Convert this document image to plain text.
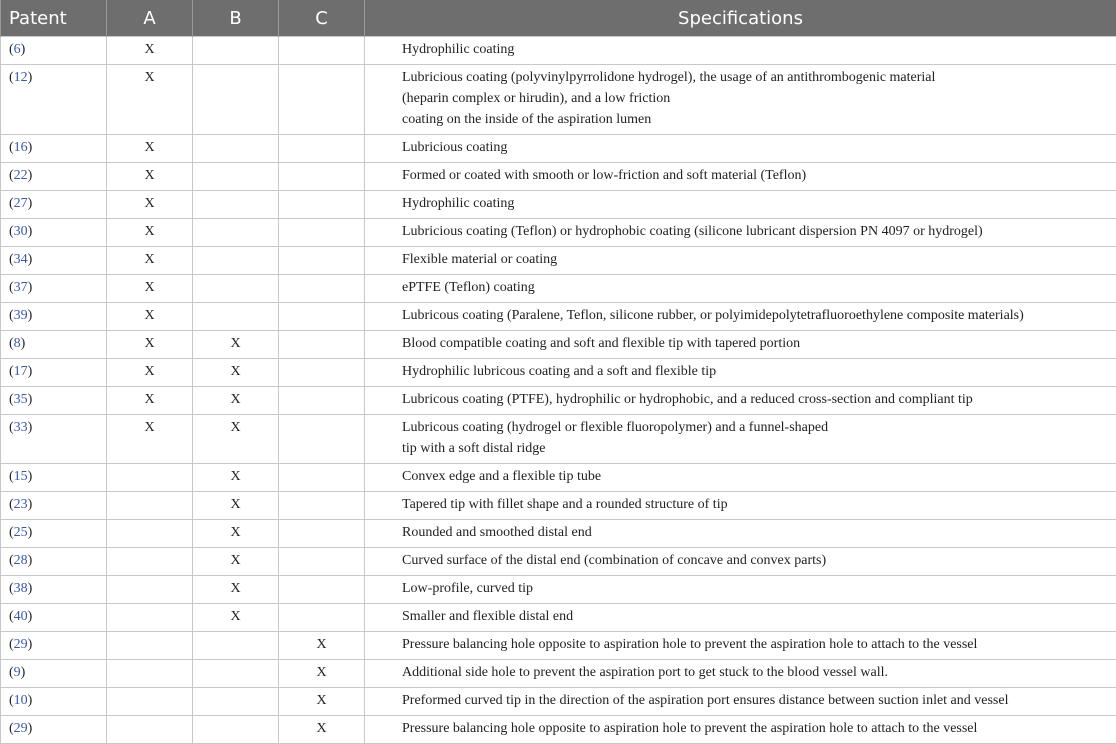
Patent	A	B	C	Specifications
(6)	X			Hydrophilic coating

(12)	X			Lubricious coating (polyvinylpyrrolidone hydrogel), the usage of an antithrombogenic material
(heparin complex or hirudin), and a low friction
coating on the inside of the aspiration lumen

(16)	X			Lubricious coating

(22)	X			Formed or coated with smooth or low-friction and soft material (Teflon)

(27)	X			Hydrophilic coating

(30)	X			Lubricious coating (Teflon) or hydrophobic coating (silicone lubricant dispersion PN 4097 or hydrogel)

(34)	X			Flexible material or coating

(37)	X			ePTFE (Teflon) coating

(39)	X			Lubricous coating (Paralene, Teflon, silicone rubber, or polyimidepolytetrafluoroethylene composite materials)

(8)	X	X		Blood compatible coating and soft and flexible tip with tapered portion

(17)	X	X		Hydrophilic lubricous coating and a soft and flexible tip

(35)	X	X		Lubricous coating (PTFE), hydrophilic or hydrophobic, and a reduced cross-section and compliant tip

(33)	X	X		Lubricous coating (hydrogel or flexible fluoropolymer) and a funnel-shaped
tip with a soft distal ridge

(15)		X		Convex edge and a flexible tip tube

(23)		X		Tapered tip with fillet shape and a rounded structure of tip

(25)		X		Rounded and smoothed distal end

(28)		X		Curved surface of the distal end (combination of concave and convex parts)

(38)		X		Low-profile, curved tip

(40)		X		Smaller and flexible distal end

(29)			X	Pressure balancing hole opposite to aspiration hole to prevent the aspiration hole to attach to the vessel

(9)			X	Additional side hole to prevent the aspiration port to get stuck to the blood vessel wall.

(10)			X	Preformed curved tip in the direction of the aspiration port ensures distance between suction inlet and vessel

(29)			X	Pressure balancing hole opposite to aspiration hole to prevent the aspiration hole to attach to the vessel
